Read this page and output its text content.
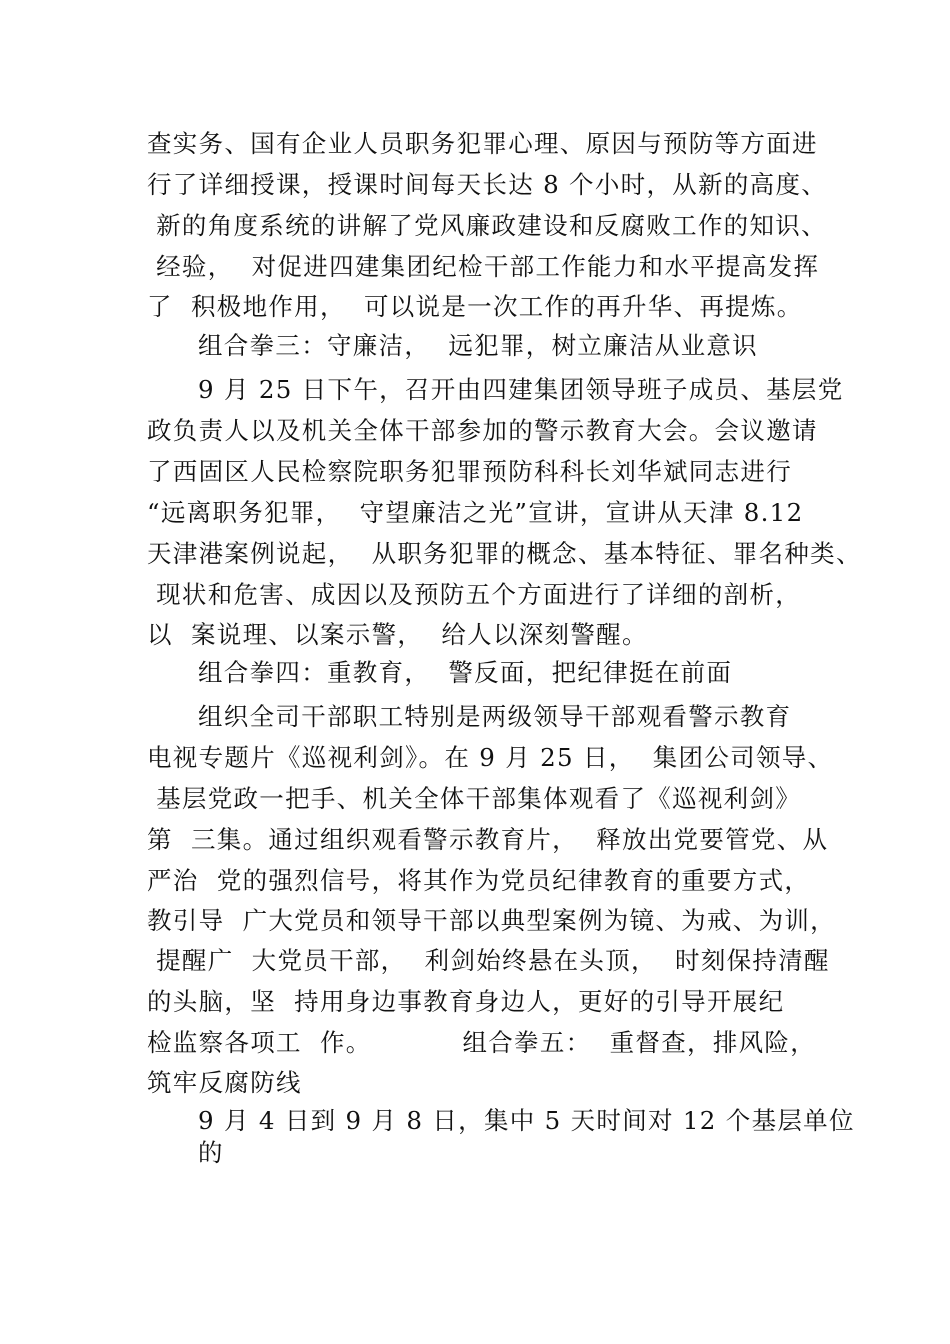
查实务、国有企业人员职务犯罪心理、原因与预防等方面进
行了详细授课，授课时间每天长达 8 个小时，从新的高度、
新的角度系统的讲解了党风廉政建设和反腐败工作的知识、
经验，  对促进四建集团纪检干部工作能力和水平提高发挥
了  积极地作用，  可以说是一次工作的再升华、再提炼。
组合拳三：守廉洁，  远犯罪，树立廉洁从业意识
9 月 25 日下午，召开由四建集团领导班子成员、基层党
政负责人以及机关全体干部参加的警示教育大会。会议邀请
了西固区人民检察院职务犯罪预防科科长刘华斌同志进行
“远离职务犯罪，  守望廉洁之光”宣讲，宣讲从天津 8.12
天津港案例说起，  从职务犯罪的概念、基本特征、罪名种类、
现状和危害、成因以及预防五个方面进行了详细的剖析，
以  案说理、以案示警，  给人以深刻警醒。
组合拳四：重教育，  警反面，把纪律挺在前面
组织全司干部职工特别是两级领导干部观看警示教育
电视专题片《巡视利剑》。在 9 月 25 日，  集团公司领导、
基层党政一把手、机关全体干部集体观看了《巡视利剑》
第  三集。通过组织观看警示教育片，  释放出党要管党、从
严治  党的强烈信号，将其作为党员纪律教育的重要方式，
教引导  广大党员和领导干部以典型案例为镜、为戒、为训，
提醒广  大党员干部，  利剑始终悬在头顶，  时刻保持清醒
的头脑，坚  持用身边事教育身边人，更好的引导开展纪
检监察各项工  作。          组合拳五：  重督查，排风险，
筑牢反腐防线
9 月 4 日到 9 月 8 日，集中 5 天时间对 12 个基层单位
的
